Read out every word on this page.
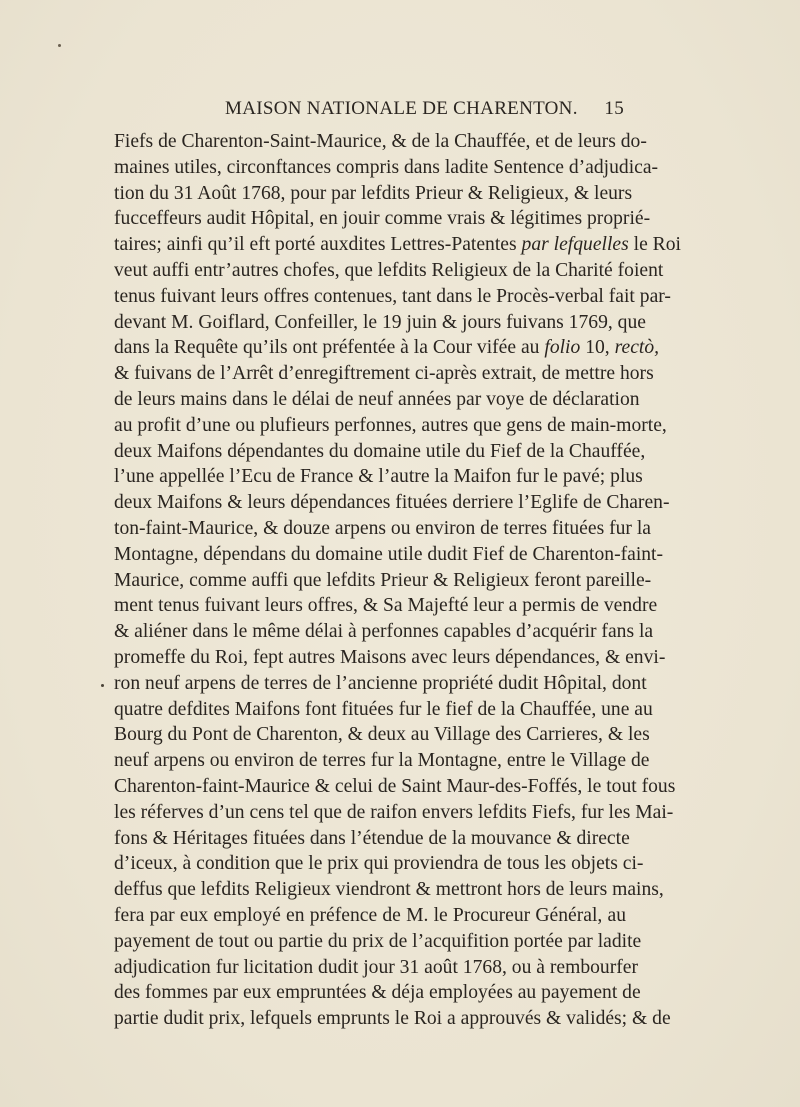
MAISON NATIONALE DE CHARENTON. 15
Fiefs de Charenton-Saint-Maurice, & de la Chauffée, et de leurs do-
maines utiles, circonftances compris dans ladite Sentence d’adjudica-
tion du 31 Août 1768, pour par lefdits Prieur & Religieux, & leurs
fucceffeurs audit Hôpital, en jouir comme vrais & légitimes proprié-
taires; ainfi qu’il eft porté auxdites Lettres-Patentes par lefquelles le Roi
veut auffi entr’autres chofes, que lefdits Religieux de la Charité foient
tenus fuivant leurs offres contenues, tant dans le Procès-verbal fait par-
devant M. Goiflard, Confeiller, le 19 juin & jours fuivans 1769, que
dans la Requête qu’ils ont préfentée à la Cour vifée au folio 10, rectò,
& fuivans de l’Arrêt d’enregiftrement ci-après extrait, de mettre hors
de leurs mains dans le délai de neuf années par voye de déclaration
au profit d’une ou plufieurs perfonnes, autres que gens de main-morte,
deux Maifons dépendantes du domaine utile du Fief de la Chauffée,
l’une appellée l’Ecu de France & l’autre la Maifon fur le pavé; plus
deux Maifons & leurs dépendances fituées derriere l’Eglife de Charen-
ton-faint-Maurice, & douze arpens ou environ de terres fituées fur la
Montagne, dépendans du domaine utile dudit Fief de Charenton-faint-
Maurice, comme auffi que lefdits Prieur & Religieux feront pareille-
ment tenus fuivant leurs offres, & Sa Majefté leur a permis de vendre
& aliéner dans le même délai à perfonnes capables d’acquérir fans la
promeffe du Roi, fept autres Maisons avec leurs dépendances, & envi-
ron neuf arpens de terres de l’ancienne propriété dudit Hôpital, dont
quatre defdites Maifons font fituées fur le fief de la Chauffée, une au
Bourg du Pont de Charenton, & deux au Village des Carrieres, & les
neuf arpens ou environ de terres fur la Montagne, entre le Village de
Charenton-faint-Maurice & celui de Saint Maur-des-Foffés, le tout fous
les réferves d’un cens tel que de raifon envers lefdits Fiefs, fur les Mai-
fons & Héritages fituées dans l’étendue de la mouvance & directe
d’iceux, à condition que le prix qui proviendra de tous les objets ci-
deffus que lefdits Religieux viendront & mettront hors de leurs mains,
fera par eux employé en préfence de M. le Procureur Général, au
payement de tout ou partie du prix de l’acquifition portée par ladite
adjudication fur licitation dudit jour 31 août 1768, ou à rembourfer
des fommes par eux empruntées & déja employées au payement de
partie dudit prix, lefquels emprunts le Roi a approuvés & validés; & de
